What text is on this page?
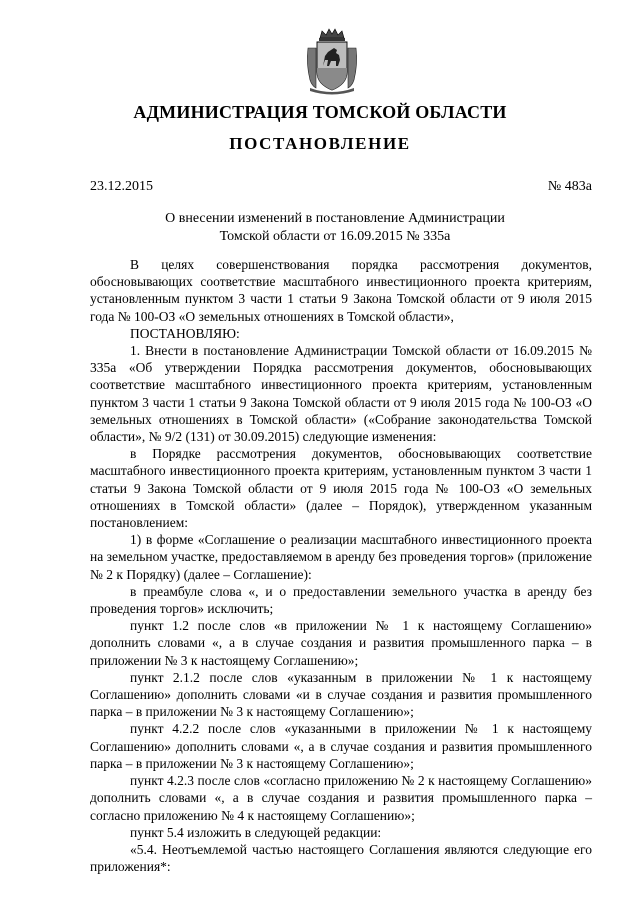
АДМИНИСТРАЦИЯ ТОМСКОЙ ОБЛАСТИ
ПОСТАНОВЛЕНИЕ
23.12.2015	№ 483а
О внесении изменений в постановление Администрации
Томской области от 16.09.2015 № 335а

В целях совершенствования порядка рассмотрения документов, обосновывающих соответствие масштабного инвестиционного проекта критериям, установленным пунктом 3 части 1 статьи 9 Закона Томской области от 9 июля 2015 года № 100-ОЗ «О земельных отношениях в Томской области»,

ПОСТАНОВЛЯЮ:

1. Внести в постановление Администрации Томской области от 16.09.2015 № 335а «Об утверждении Порядка рассмотрения документов, обосновывающих соответствие масштабного инвестиционного проекта критериям, установленным пунктом 3 части 1 статьи 9 Закона Томской области от 9 июля 2015 года № 100-ОЗ «О земельных отношениях в Томской области» («Собрание законодательства Томской области», № 9/2 (131) от 30.09.2015) следующие изменения:

в Порядке рассмотрения документов, обосновывающих соответствие масштабного инвестиционного проекта критериям, установленным пунктом 3 части 1 статьи 9 Закона Томской области от 9 июля 2015 года № 100-ОЗ «О земельных отношениях в Томской области» (далее – Порядок), утвержденном указанным постановлением:

1) в форме «Соглашение о реализации масштабного инвестиционного проекта на земельном участке, предоставляемом в аренду без проведения торгов» (приложение № 2 к Порядку) (далее – Соглашение):

в преамбуле слова «, и о предоставлении земельного участка в аренду без проведения торгов» исключить;

пункт 1.2 после слов «в приложении № 1 к настоящему Соглашению» дополнить словами «, а в случае создания и развития промышленного парка – в приложении № 3 к настоящему Соглашению»;

пункт 2.1.2 после слов «указанным в приложении № 1 к настоящему Соглашению» дополнить словами «и в случае создания и развития промышленного парка – в приложении № 3 к настоящему Соглашению»;

пункт 4.2.2 после слов «указанными в приложении № 1 к настоящему Соглашению» дополнить словами «, а в случае создания и развития промышленного парка – в приложении № 3 к настоящему Соглашению»;

пункт 4.2.3 после слов «согласно приложению № 2 к настоящему Соглашению» дополнить словами «, а в случае создания и развития промышленного парка – согласно приложению № 4 к настоящему Соглашению»;

пункт 5.4 изложить в следующей редакции:

«5.4. Неотъемлемой частью настоящего Соглашения являются следующие его приложения*:
